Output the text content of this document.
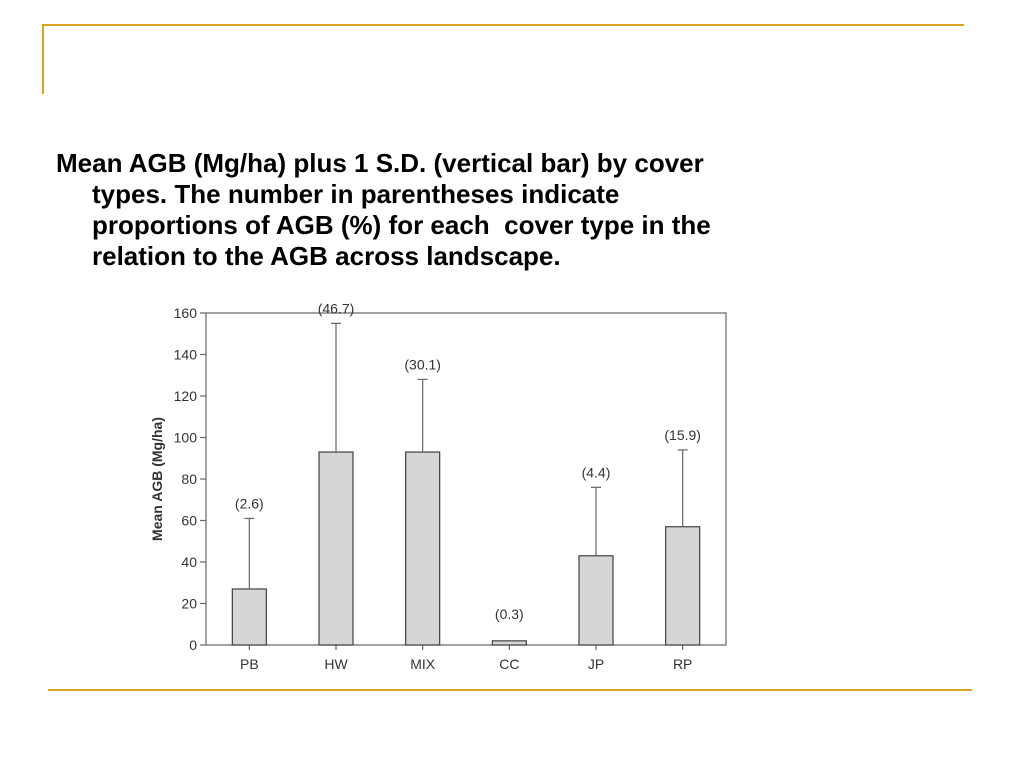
Mean AGB (Mg/ha) plus 1 S.D. (vertical bar) by cover
types. The number in parentheses indicate
proportions of AGB (%) for each  cover type in the
relation to the AGB across landscape.
0
20
40
60
80
100
120
140
160
Mean AGB (Mg/ha)	(2.6)
PB
(46.7)
HW
(30.1)
MIX
(0.3)
CC
(4.4)
JP
(15.9)
RP
